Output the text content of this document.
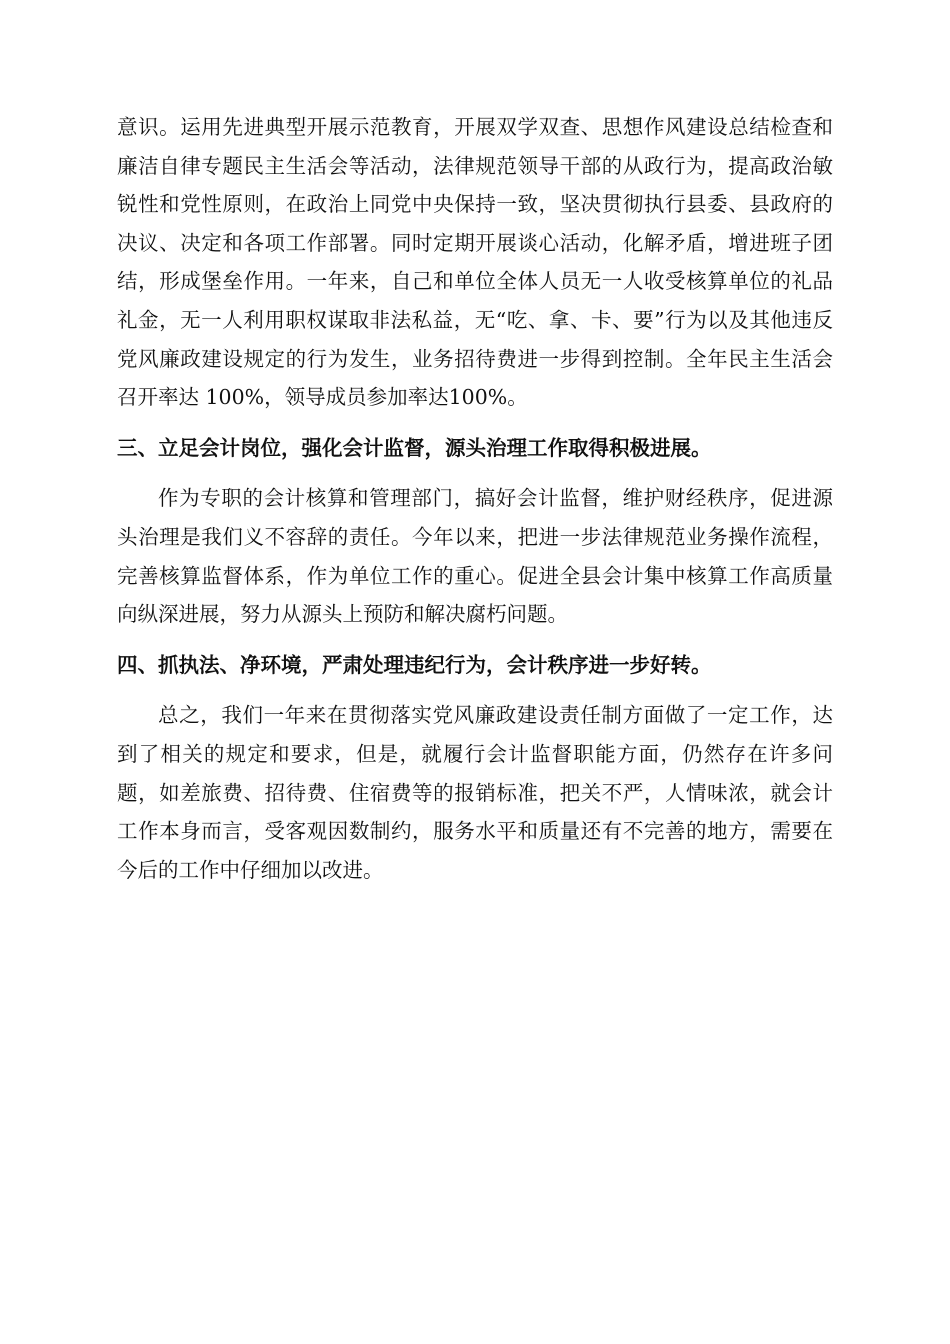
意识。运用先进典型开展示范教育，开展双学双查、思想作风建设总结检查和廉洁自律专题民主生活会等活动，法律规范领导干部的从政行为，提高政治敏锐性和党性原则，在政治上同党中央保持一致，坚决贯彻执行县委、县政府的决议、决定和各项工作部署。同时定期开展谈心活动，化解矛盾，增进班子团结，形成堡垒作用。一年来，自己和单位全体人员无一人收受核算单位的礼品礼金，无一人利用职权谋取非法私益，无“吃、拿、卡、要”行为以及其他违反党风廉政建设规定的行为发生，业务招待费进一步得到控制。全年民主生活会召开率达 100%，领导成员参加率达100%。

三、立足会计岗位，强化会计监督，源头治理工作取得积极进展。

作为专职的会计核算和管理部门，搞好会计监督，维护财经秩序，促进源头治理是我们义不容辞的责任。今年以来，把进一步法律规范业务操作流程，完善核算监督体系，作为单位工作的重心。促进全县会计集中核算工作高质量向纵深进展，努力从源头上预防和解决腐朽问题。

四、抓执法、净环境，严肃处理违纪行为，会计秩序进一步好转。

总之，我们一年来在贯彻落实党风廉政建设责任制方面做了一定工作，达到了相关的规定和要求，但是，就履行会计监督职能方面，仍然存在许多问题，如差旅费、招待费、住宿费等的报销标准，把关不严，人情味浓，就会计工作本身而言，受客观因数制约，服务水平和质量还有不完善的地方，需要在今后的工作中仔细加以改进。
